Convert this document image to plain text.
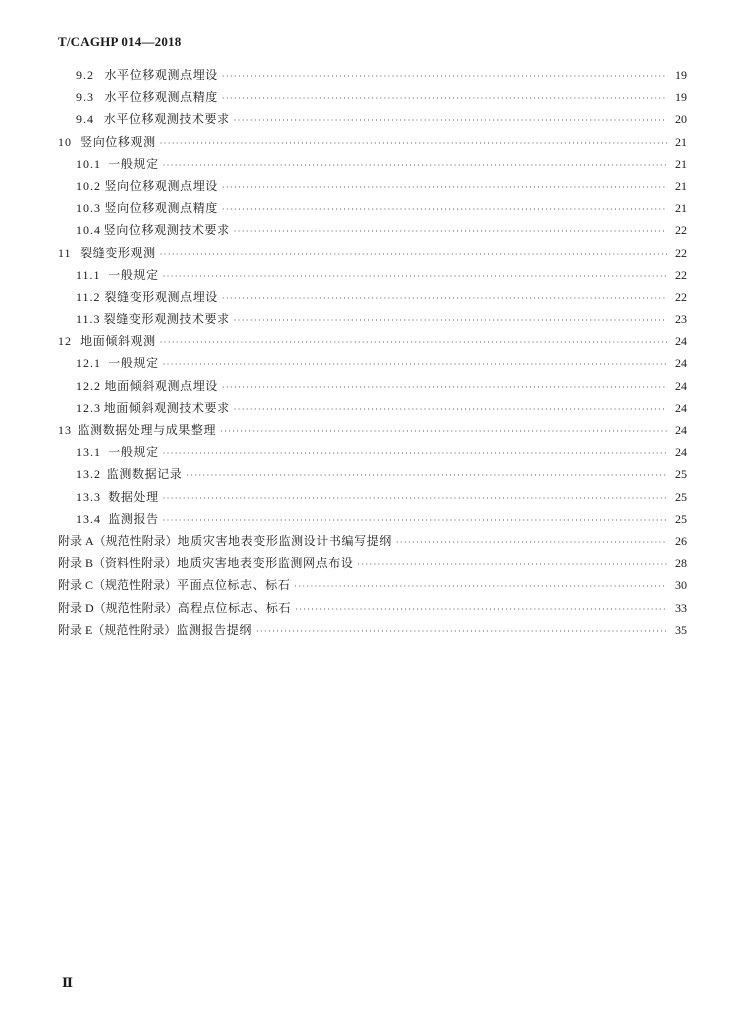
T/CAGHP 014—2018
9.2 水平位移观测点埋设 ·····	19
9.3 水平位移观测点精度 ·····	19
9.4 水平位移观测技术要求 ·····	20
10 竖向位移观测 ·····	21
10.1 一般规定 ·····	21
10.2 竖向位移观测点埋设 ·····	21
10.3 竖向位移观测点精度 ·····	21
10.4 竖向位移观测技术要求 ·····	22
11 裂缝变形观测 ·····	22
11.1 一般规定 ·····	22
11.2 裂缝变形观测点埋设 ·····	22
11.3 裂缝变形观测技术要求 ·····	23
12 地面倾斜观测 ·····	24
12.1 一般规定 ·····	24
12.2 地面倾斜观测点埋设 ·····	24
12.3 地面倾斜观测技术要求 ·····	24
13 监测数据处理与成果整理 ·····	24
13.1 一般规定 ·····	24
13.2 监测数据记录 ·····	25
13.3 数据处理 ·····	25
13.4 监测报告 ·····	25
附录 A（规范性附录） 地质灾害地表变形监测设计书编写提纲 ·····	26
附录 B（资料性附录） 地质灾害地表变形监测网点布设 ·····	28
附录 C（规范性附录） 平面点位标志、标石 ·····	30
附录 D（规范性附录） 高程点位标志、标石 ·····	33
附录 E（规范性附录） 监测报告提纲 ·····	35
Ⅱ
